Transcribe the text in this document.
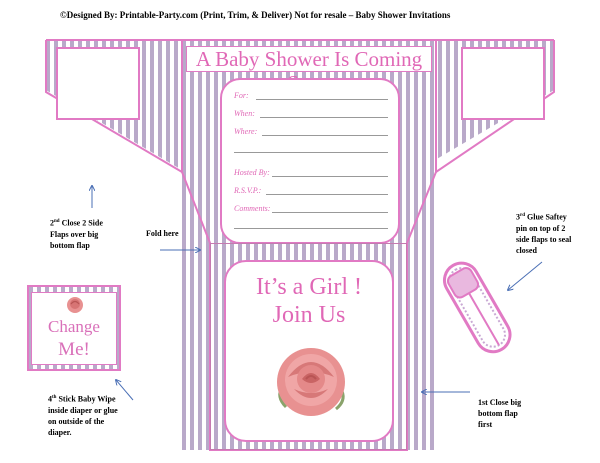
©Designed By: Printable-Party.com (Print, Trim, & Deliver) Not for resale – Baby Shower Invitations
A Baby Shower Is Coming
For:
When:
Where:
Hosted By:
R.S.V.P.:
Comments:
It’s a Girl !
Join Us
Change
Me!
2nd Close 2 Side
Flaps over big
bottom flap
Fold here
3rd Glue Saftey
pin on top of 2
side flaps to seal
closed
4th Stick Baby Wipe
inside diaper or glue
on outside of the
diaper.
1st Close big
bottom flap
first
